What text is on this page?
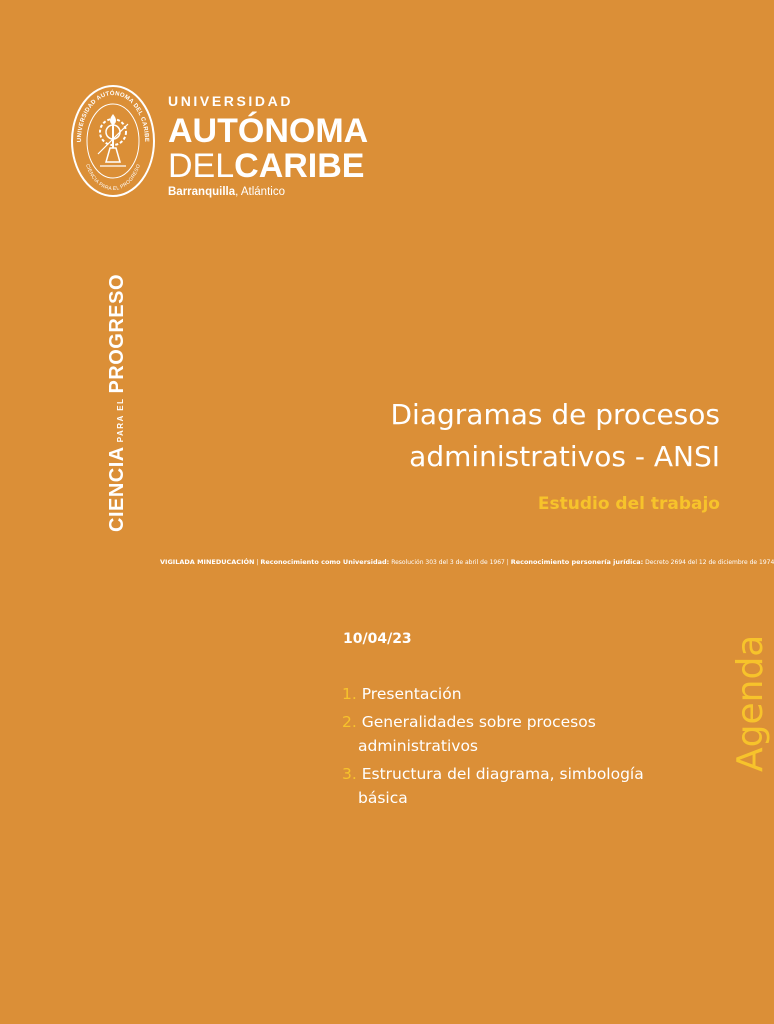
UNIVERSIDAD AUTÓNOMA DEL CARIBE
CIENCIA PARA EL PROGRESO
UNIVERSIDAD
AUTÓNOMA
DELCARIBE
Barranquilla, Atlántico
CIENCIAPARA ELPROGRESO
Diagramas de procesos
administrativos - ANSI
Estudio del trabajo
VIGILADA MINEDUCACIÓN | Reconocimiento como Universidad: Resolución 303 del 3 de abril de 1967 | Reconocimiento personería jurídica: Decreto 2694 del 12 de diciembre de 1974
10/04/23
1. Presentación
2. Generalidades sobre procesos administrativos
3. Estructura del diagrama, simbología básica
Agenda
